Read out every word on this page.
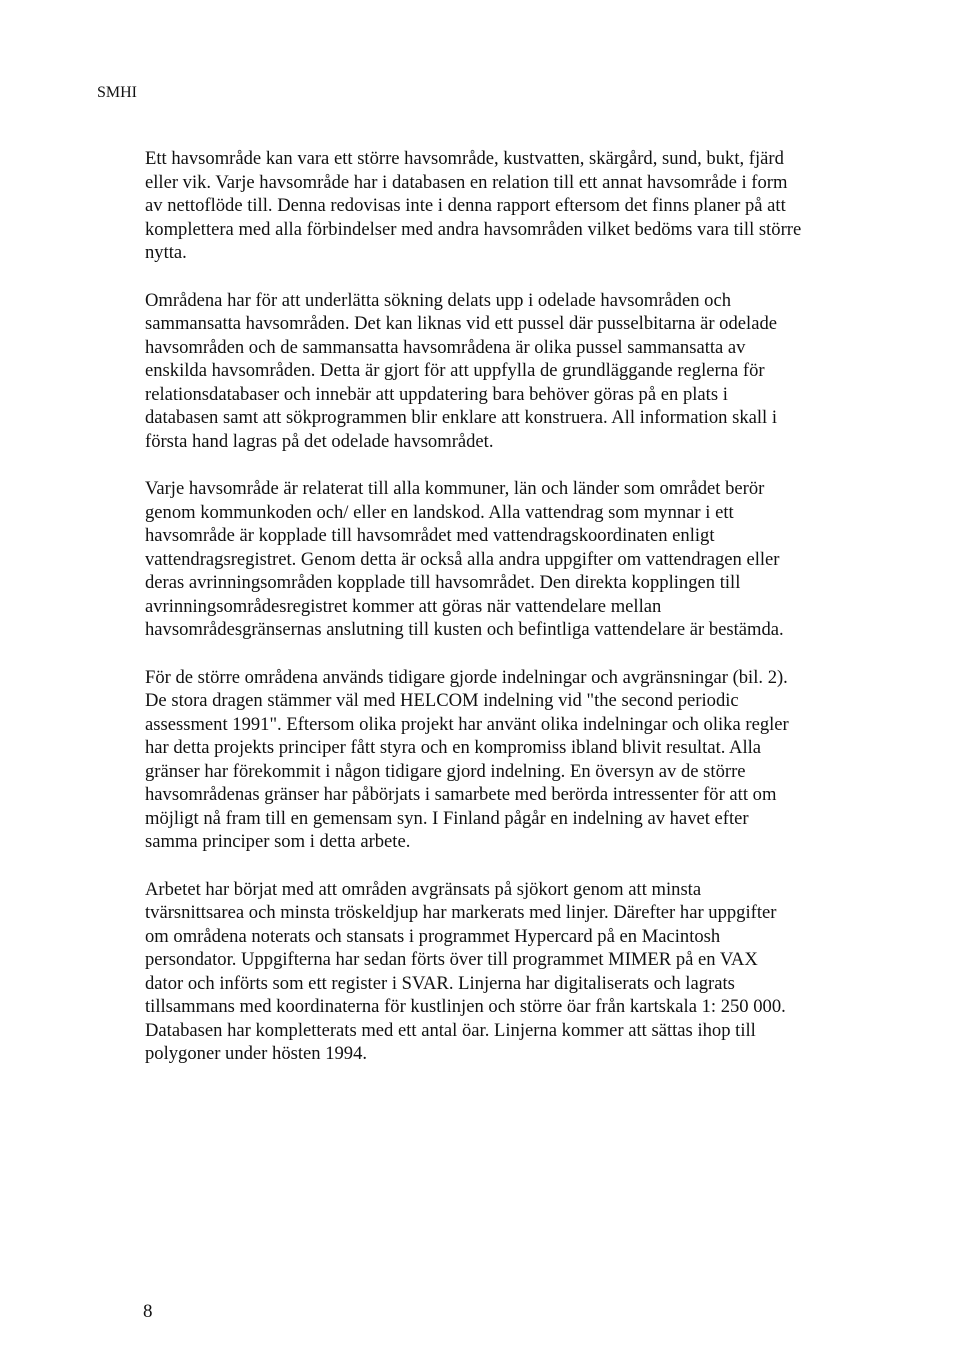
SMHI

Ett havsområde kan vara ett större havsområde, kustvatten, skärgård, sund, bukt, fjärd
eller vik. Varje havsområde har i databasen en relation till ett annat havsområde i form
av nettoflöde till. Denna redovisas inte i denna rapport eftersom det finns planer på att
komplettera med alla förbindelser med andra havsområden vilket bedöms vara till större
nytta.

Områdena har för att underlätta sökning delats upp i odelade havsområden och
sammansatta havsområden. Det kan liknas vid ett pussel där pusselbitarna är odelade
havsområden och de sammansatta havsområdena är olika pussel sammansatta av
enskilda havsområden. Detta är gjort för att uppfylla de grundläggande reglerna för
relationsdatabaser och innebär att uppdatering bara behöver göras på en plats i
databasen samt att sökprogrammen blir enklare att konstruera. All information skall i
första hand lagras på det odelade havsområdet.

Varje havsområde är relaterat till alla kommuner, län och länder som området berör
genom kommunkoden och/ eller en landskod. Alla vattendrag som mynnar i ett
havsområde är kopplade till havsområdet med vattendragskoordinaten enligt
vattendragsregistret. Genom detta är också alla andra uppgifter om vattendragen eller
deras avrinningsområden kopplade till havsområdet. Den direkta kopplingen till
avrinningsområdesregistret kommer att göras när vattendelare mellan
havsområdesgränsernas anslutning till kusten och befintliga vattendelare är bestämda.

För de större områdena används tidigare gjorde indelningar och avgränsningar (bil. 2).
De stora dragen stämmer väl med HELCOM indelning vid "the second periodic
assessment 1991". Eftersom olika projekt har använt olika indelningar och olika regler
har detta projekts principer fått styra och en kompromiss ibland blivit resultat. Alla
gränser har förekommit i någon tidigare gjord indelning. En översyn av de större
havsområdenas gränser har påbörjats i samarbete med berörda intressenter för att om
möjligt nå fram till en gemensam syn. I Finland pågår en indelning av havet efter
samma principer som i detta arbete.

Arbetet har börjat med att områden avgränsats på sjökort genom att minsta
tvärsnittsarea och minsta tröskeldjup har markerats med linjer. Därefter har uppgifter
om områdena noterats och stansats i programmet Hypercard på en Macintosh
persondator. Uppgifterna har sedan förts över till programmet MIMER på en VAX
dator och införts som ett register i SVAR. Linjerna har digitaliserats och lagrats
tillsammans med koordinaterna för kustlinjen och större öar från kartskala 1: 250 000.
Databasen har kompletterats med ett antal öar. Linjerna kommer att sättas ihop till
polygoner under hösten 1994.

8
